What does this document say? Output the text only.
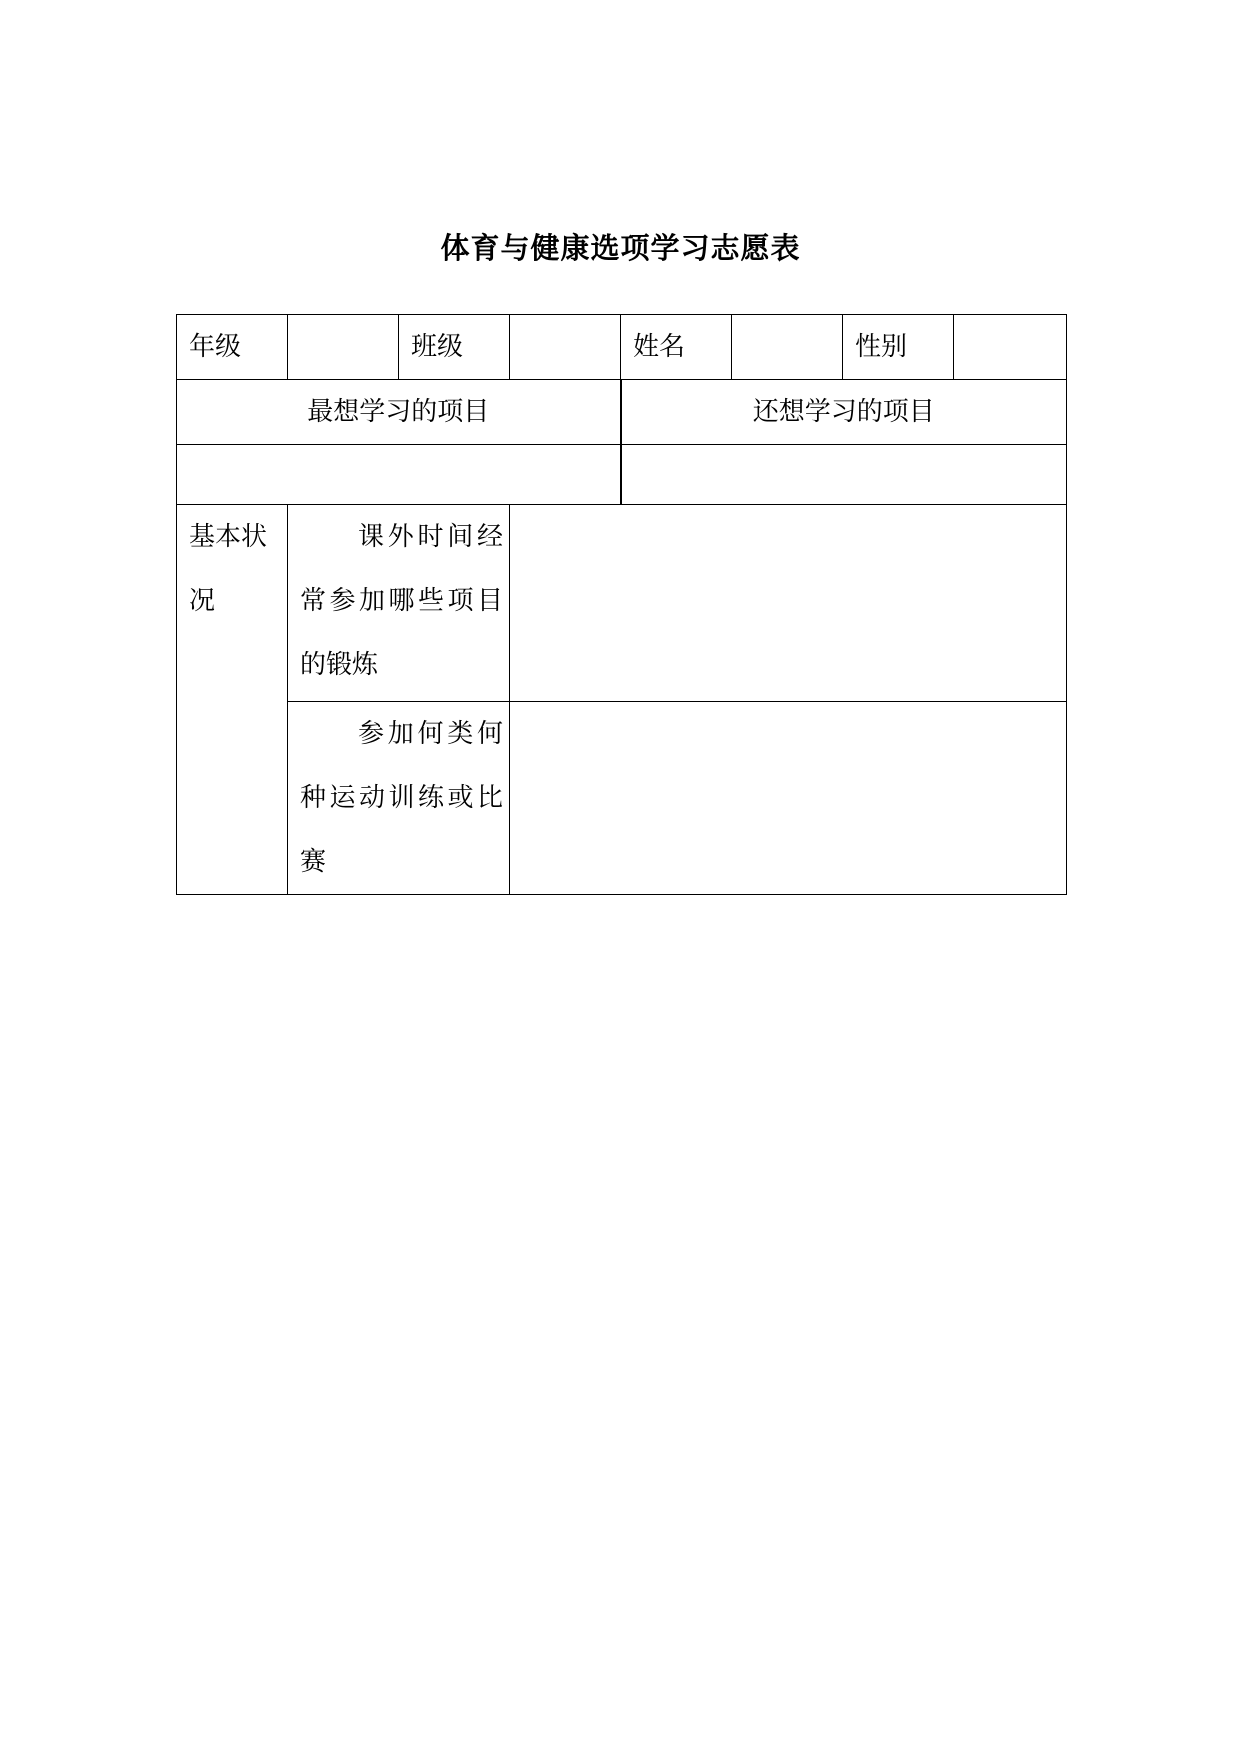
体育与健康选项学习志愿表
年级		班级		姓名		性别	
最想学习的项目				还想学习的项目			

基本状况	课外时间经常参加哪些项目的锻炼						
	参加何类何种运动训练或比赛						
